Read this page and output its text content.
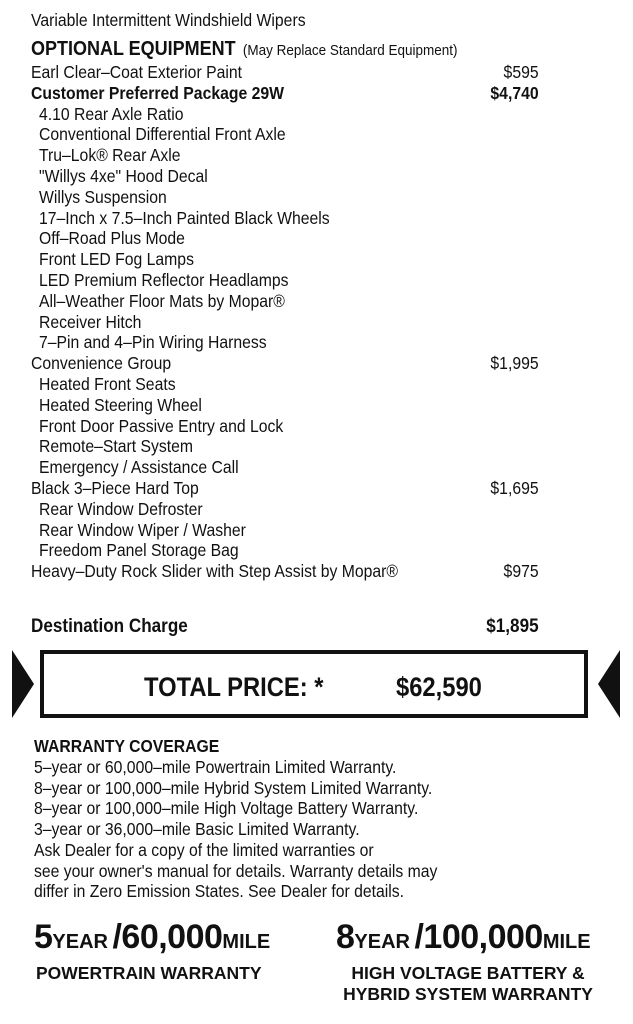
Variable Intermittent Windshield Wipers
OPTIONAL EQUIPMENT (May Replace Standard Equipment)
Earl Clear–Coat Exterior Paint	$595
Customer Preferred Package 29W	$4,740
4.10 Rear Axle Ratio
Conventional Differential Front Axle
Tru–Lok® Rear Axle
"Willys 4xe" Hood Decal
Willys Suspension
17–Inch x 7.5–Inch Painted Black Wheels
Off–Road Plus Mode
Front LED Fog Lamps
LED Premium Reflector Headlamps
All–Weather Floor Mats by Mopar®
Receiver Hitch
7–Pin and 4–Pin Wiring Harness
Convenience Group	$1,995
Heated Front Seats
Heated Steering Wheel
Front Door Passive Entry and Lock
Remote–Start System
Emergency / Assistance Call
Black 3–Piece Hard Top	$1,695
Rear Window Defroster
Rear Window Wiper / Washer
Freedom Panel Storage Bag
Heavy–Duty Rock Slider with Step Assist by Mopar®	$975
Destination Charge	$1,895
TOTAL PRICE: *	$62,590
WARRANTY COVERAGE
5–year or 60,000–mile Powertrain Limited Warranty.
8–year or 100,000–mile Hybrid System Limited Warranty.
8–year or 100,000–mile High Voltage Battery Warranty.
3–year or 36,000–mile Basic Limited Warranty.
Ask Dealer for a copy of the limited warranties or
see your owner's manual for details. Warranty details may
differ in Zero Emission States. See Dealer for details.
5YEAR /60,000MILE
POWERTRAIN WARRANTY
8YEAR /100,000MILE
HIGH VOLTAGE BATTERY &
HYBRID SYSTEM WARRANTY
